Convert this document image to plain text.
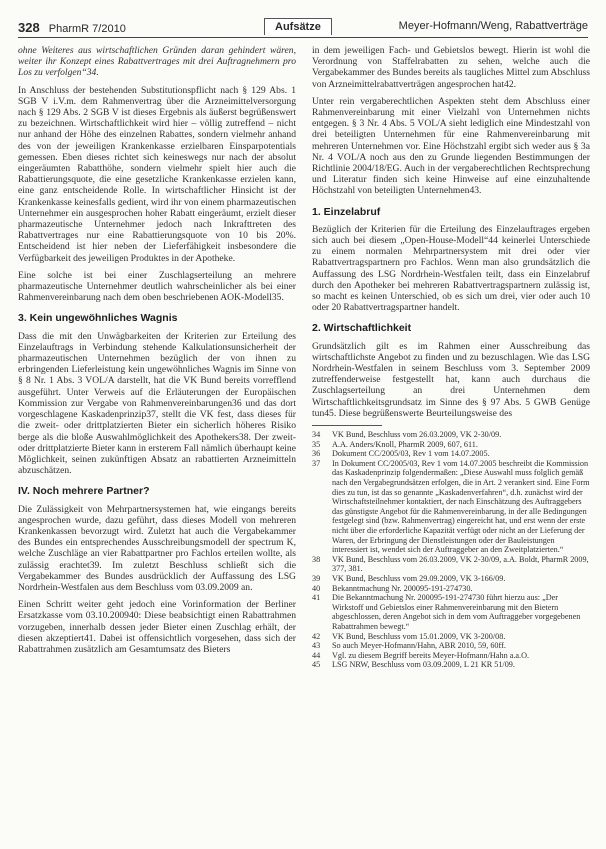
328 PharmR 7/2010	Aufsätze	Meyer-Hofmann/Weng, Rabattverträge

ohne Weiteres aus wirtschaftlichen Gründen daran gehindert wären, weiter ihr Konzept eines Rabattvertrages mit drei Auftragnehmern pro Los zu verfolgen“34.

In Anschluss der bestehenden Substitutionspflicht nach § 129 Abs. 1 SGB V i.V.m. dem Rahmenvertrag über die Arzneimittelversorgung nach § 129 Abs. 2 SGB V ist dieses Ergebnis als äußerst begrüßenswert zu bezeichnen. Wirtschaftlichkeit wird hier – völlig zutreffend – nicht nur anhand der Höhe des einzelnen Rabattes, sondern vielmehr anhand des von der jeweiligen Krankenkasse erzielbaren Einsparpotentials gemessen. Eben dieses richtet sich keineswegs nur nach der absolut eingeräumten Rabatthöhe, sondern vielmehr spielt hier auch die Rabattierungsquote, die eine gesetzliche Krankenkasse erzielen kann, eine ganz entscheidende Rolle. In wirtschaftlicher Hinsicht ist der Krankenkasse keinesfalls gedient, wird ihr von einem pharmazeutischen Unternehmer ein ausgesprochen hoher Rabatt eingeräumt, erzielt dieser pharmazeutische Unternehmer jedoch nach Inkrafttreten des Rabattvertrages nur eine Rabattierungsquote von 10 bis 20%. Entscheidend ist hier neben der Lieferfähigkeit insbesondere die Verfügbarkeit des jeweiligen Produktes in der Apotheke.

Eine solche ist bei einer Zuschlagserteilung an mehrere pharmazeutische Unternehmer deutlich wahrscheinlicher als bei einer Rahmenvereinbarung nach dem oben beschriebenen AOK-Modell35.

3. Kein ungewöhnliches Wagnis

Dass die mit den Unwägbarkeiten der Kriterien zur Erteilung des Einzelauftrags in Verbindung stehende Kalkulationsunsicherheit der pharmazeutischen Unternehmen bezüglich der von ihnen zu erbringenden Lieferleistung kein ungewöhnliches Wagnis im Sinne von § 8 Nr. 1 Abs. 3 VOL/A darstellt, hat die VK Bund bereits vorrefflend ausgeführt. Unter Verweis auf die Erläuterungen der Europäischen Kommission zur Vergabe von Rahmenvereinbarungen36 und das dort vorgeschlagene Kaskadenprinzip37, stellt die VK fest, dass dieses für die zweit- oder drittplatzierten Bieter ein sicherlich höheres Risiko berge als die bloße Auswahlmöglichkeit des Apothekers38. Der zweit- oder drittplatzierte Bieter kann in ersterem Fall nämlich überhaupt keine Möglichkeit, seinen zukünftigen Absatz an rabattierten Arzneimitteln abzuschätzen.

IV. Noch mehrere Partner?

Die Zulässigkeit von Mehrpartnersystemen hat, wie eingangs bereits angesprochen wurde, dazu geführt, dass dieses Modell von mehreren Krankenkassen bevorzugt wird. Zuletzt hat auch die Vergabekammer des Bundes ein entsprechendes Ausschreibungsmodell der spectrum K, welche Zuschläge an vier Rabattpartner pro Fachlos erteilen wollte, als zulässig erachtet39. Im zuletzt Beschluss schließt sich die Vergabekammer des Bundes ausdrücklich der Auffassung des LSG Nordrhein-Westfalen aus dem Beschluss vom 03.09.2009 an.

Einen Schritt weiter geht jedoch eine Vorinformation der Berliner Ersatzkasse vom 03.10.200940: Diese beabsichtigt einen Rabattrahmen vorzugeben, innerhalb dessen jeder Bieter einen Zuschlag erhält, der diesen akzeptiert41. Dabei ist offensichtlich vorgesehen, dass sich der Rabattrahmen zusätzlich am Gesamtumsatz des Bieters

in dem jeweiligen Fach- und Gebietslos bewegt. Hierin ist wohl die Verordnung von Staffelrabatten zu sehen, welche auch die Vergabekammer des Bundes bereits als taugliches Mittel zum Abschluss von Arzneimittelrabattverträgen angesprochen hat42.

Unter rein vergaberechtlichen Aspekten steht dem Abschluss einer Rahmenvereinbarung mit einer Vielzahl von Unternehmen nichts entgegen. § 3 Nr. 4 Abs. 5 VOL/A sieht lediglich eine Mindestzahl von drei beteiligten Unternehmen für eine Rahmenvereinbarung mit mehreren Unternehmen vor. Eine Höchstzahl ergibt sich weder aus § 3a Nr. 4 VOL/A noch aus den zu Grunde liegenden Bestimmungen der Richtlinie 2004/18/EG. Auch in der vergaberechtlichen Rechtsprechung und Literatur finden sich keine Hinweise auf eine einzuhaltende Höchstzahl von beteiligten Unternehmen43.

1. Einzelabruf

Bezüglich der Kriterien für die Erteilung des Einzelauftrages ergeben sich auch bei diesem „Open-House-Modell“44 keinerlei Unterschiede zu einem normalen Mehrpartnersystem mit drei oder vier Rabattvertragspartnern pro Fachlos. Wenn man also grundsätzlich die Auffassung des LSG Nordrhein-Westfalen teilt, dass ein Einzelabruf durch den Apotheker bei mehreren Rabattvertragspartnern zulässig ist, so macht es keinen Unterschied, ob es sich um drei, vier oder auch 10 oder 20 Rabattvertragspartner handelt.

2. Wirtschaftlichkeit

Grundsätzlich gilt es im Rahmen einer Ausschreibung das wirtschaftlichste Angebot zu finden und zu bezuschlagen. Wie das LSG Nordrhein-Westfalen in seinem Beschluss vom 3. September 2009 zutreffenderweise festgestellt hat, kann auch durchaus die Zuschlagserteilung an drei Unternehmen dem Wirtschaftlichkeitsgrundsatz im Sinne des § 97 Abs. 5 GWB Genüge tun45. Diese begrüßenswerte Beurteilungsweise des

34	VK Bund, Beschluss vom 26.03.2009, VK 2-30/09.
35	A.A. Anders/Knoll, PharmR 2009, 607, 611.
36	Dokument CC/2005/03, Rev 1 vom 14.07.2005.
37	In Dokument CC/2005/03, Rev 1 vom 14.07.2005 beschreibt die Kommission das Kaskadenprinzip folgendermaßen: „Diese Auswahl muss folglich gemäß nach den Vergabegrundsätzen erfolgen, die in Art. 2 verankert sind. Eine Form dies zu tun, ist das so genannte „Kaskadenverfahren“, d.h. zunächst wird der Wirtschaftsteilnehmer kontaktiert, der nach Einschätzung des Auftraggebers das günstigste Angebot für die Rahmenvereinbarung, in der alle Bedingungen festgelegt sind (bzw. Rahmenvertrag) eingereicht hat, und erst wenn der erste nicht über die erforderliche Kapazität verfügt oder nicht an der Lieferung der Waren, der Erbringung der Dienstleistungen oder der Bauleistungen interessiert ist, wendet sich der Auftraggeber an den Zweitplatzierten.“
38	VK Bund, Beschluss vom 26.03.2009, VK 2-30/09, a.A. Boldt, PharmR 2009, 377, 381.
39	VK Bund, Beschluss vom 29.09.2009, VK 3-166/09.
40	Bekanntmachung Nr. 200095-191-274730.
41	Die Bekanntmachung Nr. 200095-191-274730 führt hierzu aus: „Der Wirkstoff und Gebietslos einer Rahmenvereinbarung mit den Bietern abgeschlossen, deren Angebot sich in dem vom Auftraggeber vorgegebenen Rabattrahmen bewegt.“
42	VK Bund, Beschluss vom 15.01.2009, VK 3-200/08.
43	So auch Meyer-Hofmann/Hahn, ABR 2010, 59, 60ff.
44	Vgl. zu diesem Begriff bereits Meyer-Hofmann/Hahn a.a.O.
45	LSG NRW, Beschluss vom 03.09.2009, L 21 KR 51/09.
